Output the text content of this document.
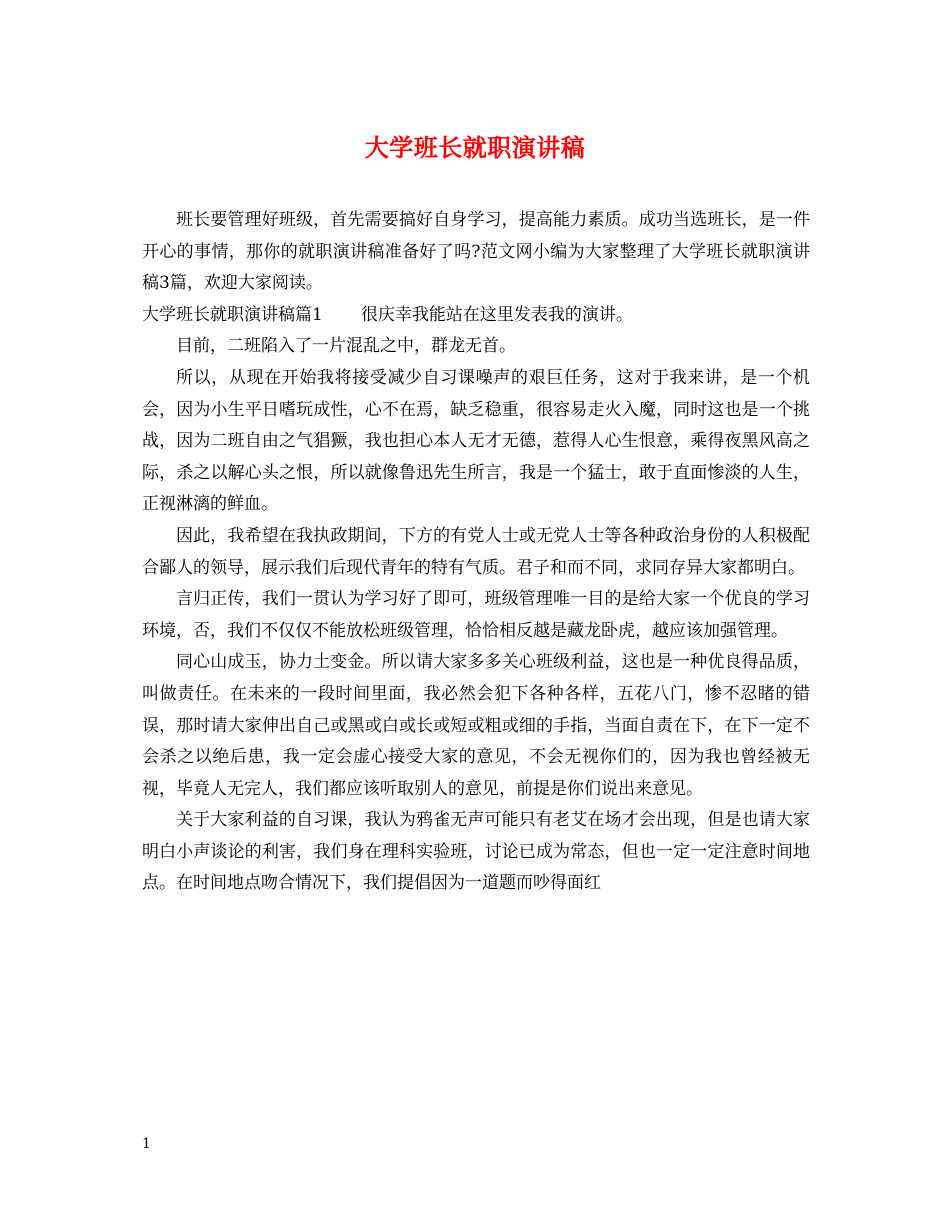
大学班长就职演讲稿

班长要管理好班级，首先需要搞好自身学习，提高能力素质。成功当选班长，是一件开心的事情，那你的就职演讲稿准备好了吗?范文网小编为大家整理了大学班长就职演讲稿3篇，欢迎大家阅读。

大学班长就职演讲稿篇1 很庆幸我能站在这里发表我的演讲。

目前，二班陷入了一片混乱之中，群龙无首。

所以，从现在开始我将接受减少自习课噪声的艰巨任务，这对于我来讲，是一个机会，因为小生平日嗜玩成性，心不在焉，缺乏稳重，很容易走火入魔，同时这也是一个挑战，因为二班自由之气猖獗，我也担心本人无才无德，惹得人心生恨意，乘得夜黑风高之际，杀之以解心头之恨，所以就像鲁迅先生所言，我是一个猛士，敢于直面惨淡的人生，正视淋漓的鲜血。

因此，我希望在我执政期间，下方的有党人士或无党人士等各种政治身份的人积极配合鄙人的领导，展示我们后现代青年的特有气质。君子和而不同，求同存异大家都明白。

言归正传，我们一贯认为学习好了即可，班级管理唯一目的是给大家一个优良的学习环境，否，我们不仅仅不能放松班级管理，恰恰相反越是藏龙卧虎，越应该加强管理。

同心山成玉，协力土变金。所以请大家多多关心班级利益，这也是一种优良得品质，叫做责任。在未来的一段时间里面，我必然会犯下各种各样，五花八门，惨不忍睹的错误，那时请大家伸出自己或黑或白或长或短或粗或细的手指，当面自责在下，在下一定不会杀之以绝后患，我一定会虚心接受大家的意见，不会无视你们的，因为我也曾经被无视，毕竟人无完人，我们都应该听取别人的意见，前提是你们说出来意见。

关于大家利益的自习课，我认为鸦雀无声可能只有老艾在场才会出现，但是也请大家明白小声谈论的利害，我们身在理科实验班，讨论已成为常态，但也一定一定注意时间地点。在时间地点吻合情况下，我们提倡因为一道题而吵得面红

1
